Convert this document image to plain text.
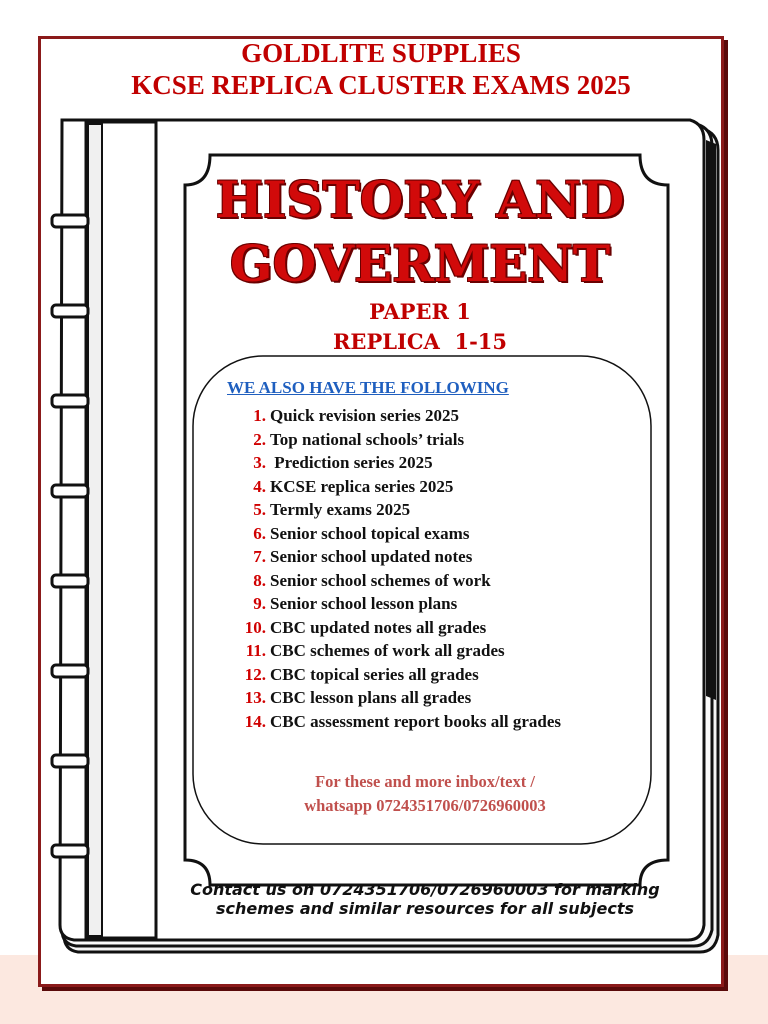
GOLDLITE SUPPLIES
KCSE REPLICA CLUSTER EXAMS 2025
HISTORY AND
GOVERMENT
PAPER 1
REPLICA  1-15
WE ALSO HAVE THE FOLLOWING
1. Quick revision series 2025
2. Top national schools’ trials
3. Prediction series 2025
4. KCSE replica series 2025
5. Termly exams 2025
6. Senior school topical exams
7. Senior school updated notes
8. Senior school schemes of work
9. Senior school lesson plans
10. CBC updated notes all grades
11. CBC schemes of work all grades
12. CBC topical series all grades
13. CBC lesson plans all grades
14. CBC assessment report books all grades
For these and more inbox/text /
whatsapp 0724351706/0726960003
Contact us on 0724351706/0726960003 for marking
schemes and similar resources for all subjects
